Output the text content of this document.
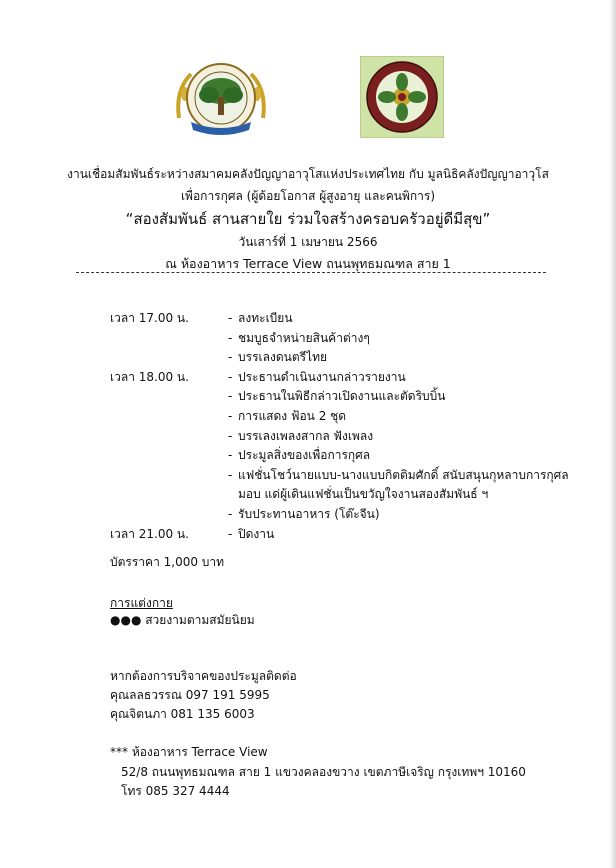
งานเชื่อมสัมพันธ์ระหว่างสมาคมคลังปัญญาอาวุโสแห่งประเทศไทย กับ มูลนิธิคลังปัญญาอาวุโส
เพื่อการกุศล (ผู้ด้อยโอกาส ผู้สูงอายุ และคนพิการ)
“สองสัมพันธ์ สานสายใย ร่วมใจสร้างครอบครัวอยู่ดีมีสุข”
วันเสาร์ที่ 1 เมษายน 2566
ณ ห้องอาหาร Terrace View ถนนพุทธมณฑล สาย 1
เวลา 17.00 น.	- ลงทะเบียน
- ชมบูธจำหน่ายสินค้าต่างๆ
- บรรเลงดนตรีไทย
เวลา 18.00 น.	- ประธานดำเนินงานกล่าวรายงาน
- ประธานในพิธีกล่าวเปิดงานและตัดริบบิ้น
- การแสดง ฟ้อน 2 ชุด
- บรรเลงเพลงสากล ฟังเพลง
- ประมูลสิ่งของเพื่อการกุศล
- แฟชั่นโชว์นายแบบ-นางแบบกิตติมศักดิ์ สนับสนุนกุหลาบการกุศลมอบ แด่ผู้เดินแฟชั่นเป็นขวัญใจงานสองสัมพันธ์ ฯ
- รับประทานอาหาร (โต๊ะจีน)
เวลา 21.00 น.	- ปิดงาน
บัตรราคา 1,000 บาท
การแต่งกาย
●●● สวยงามตามสมัยนิยม
หากต้องการบริจาคของประมูลติดต่อ
คุณลลธวรรณ 097 191 5995
คุณจิตนภา 081 135 6003
*** ห้องอาหาร Terrace View
52/8 ถนนพุทธมณฑล สาย 1 แขวงคลองขวาง เขตภาษีเจริญ กรุงเทพฯ 10160
โทร 085 327 4444
